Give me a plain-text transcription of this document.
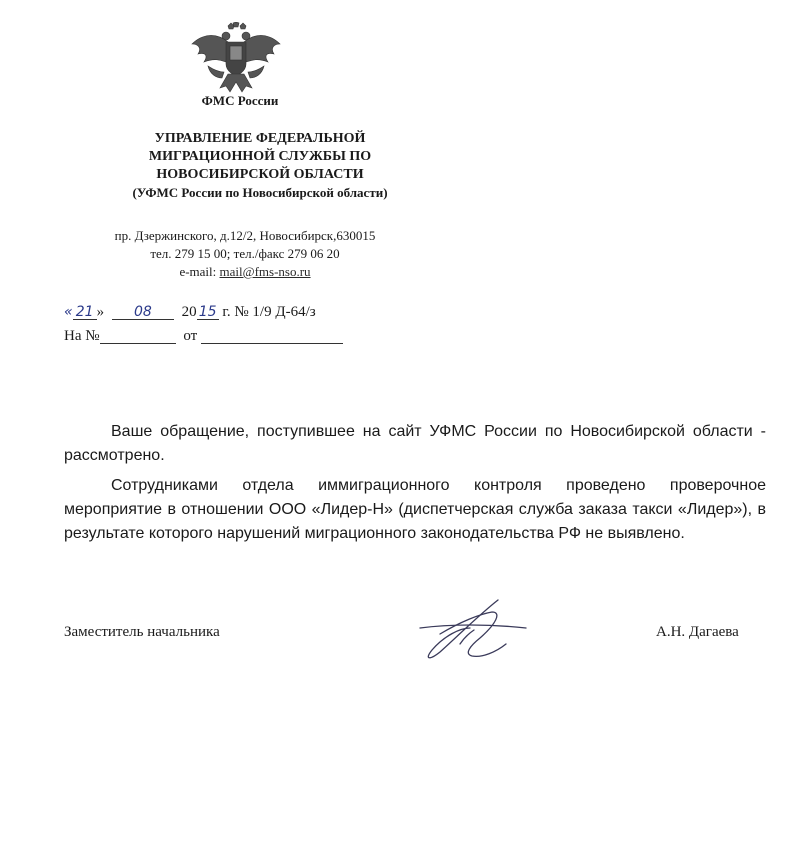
ФМС России
УПРАВЛЕНИЕ ФЕДЕРАЛЬНОЙ
МИГРАЦИОННОЙ СЛУЖБЫ ПО
НОВОСИБИРСКОЙ ОБЛАСТИ
(УФМС России по Новосибирской области)
пр. Дзержинского, д.12/2, Новосибирск,630015
тел. 279 15 00; тел./факс 279 06 20
e-mail: mail@fms-nso.ru
« 21 » 08 20 15 г. № 1/9 Д-64/з
На №	от

Ваше обращение, поступившее на сайт УФМС России по Новосибирской области - рассмотрено.

Сотрудниками отдела иммиграционного контроля проведено проверочное мероприятие в отношении ООО «Лидер-Н» (диспетчерская служба заказа такси «Лидер»), в результате которого нарушений миграционного законодательства РФ не выявлено.

Заместитель начальника	А.Н. Дагаева
